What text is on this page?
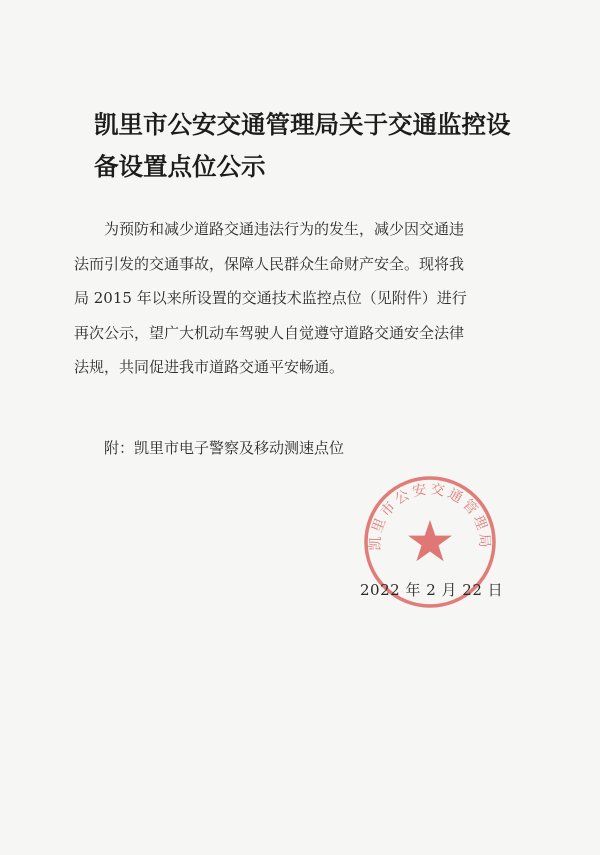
凯里市公安交通管理局关于交通监控设
备设置点位公示
为预防和减少道路交通违法行为的发生，减少因交通违
法而引发的交通事故，保障人民群众生命财产安全。现将我
局 2015 年以来所设置的交通技术监控点位（见附件）进行
再次公示，望广大机动车驾驶人自觉遵守道路交通安全法律
法规，共同促进我市道路交通平安畅通。
附：凯里市电子警察及移动测速点位
凯里市公安交通管理局
2022 年 2 月 22 日
